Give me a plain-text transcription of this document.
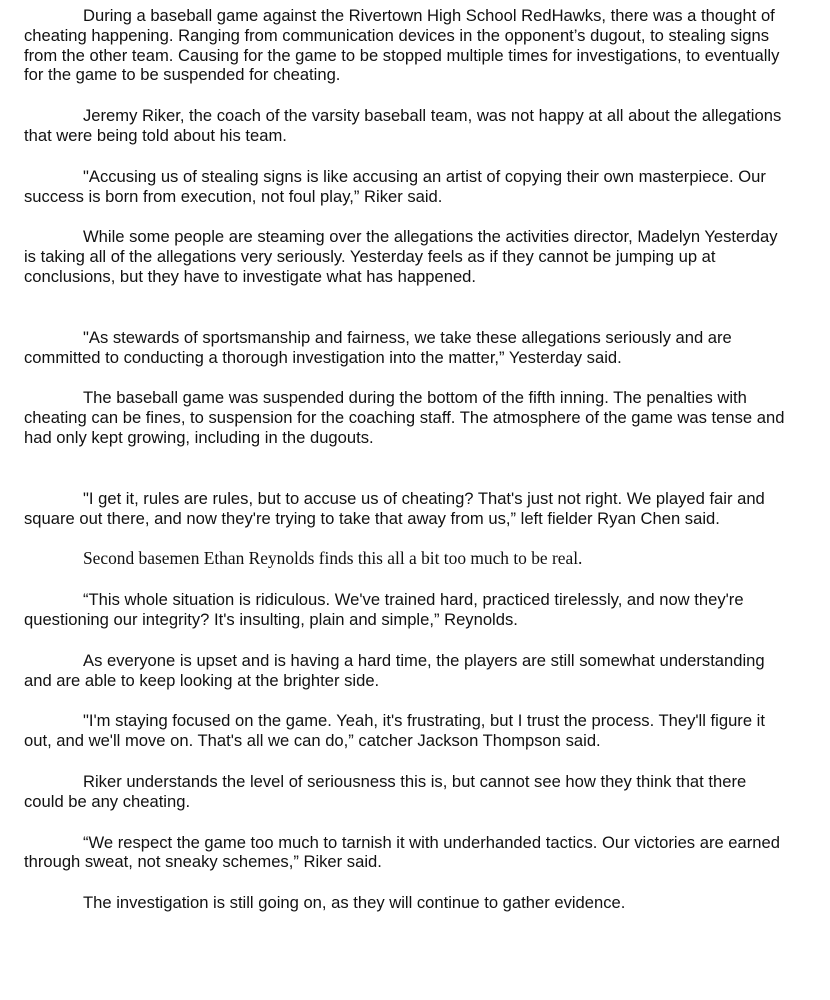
During a baseball game against the Rivertown High School RedHawks, there was a thought of cheating happening. Ranging from communication devices in the opponent’s dugout, to stealing signs from the other team. Causing for the game to be stopped multiple times for investigations, to eventually for the game to be suspended for cheating.

Jeremy Riker, the coach of the varsity baseball team, was not happy at all about the allegations that were being told about his team.

"Accusing us of stealing signs is like accusing an artist of copying their own masterpiece. Our success is born from execution, not foul play,” Riker said.

While some people are steaming over the allegations the activities director, Madelyn Yesterday is taking all of the allegations very seriously. Yesterday feels as if they cannot be jumping up at conclusions, but they have to investigate what has happened.

"As stewards of sportsmanship and fairness, we take these allegations seriously and are committed to conducting a thorough investigation into the matter,” Yesterday said.

The baseball game was suspended during the bottom of the fifth inning. The penalties with cheating can be fines, to suspension for the coaching staff. The atmosphere of the game was tense and had only kept growing, including in the dugouts.

"I get it, rules are rules, but to accuse us of cheating? That's just not right. We played fair and square out there, and now they're trying to take that away from us,” left fielder Ryan Chen said.

Second basemen Ethan Reynolds finds this all a bit too much to be real.

“This whole situation is ridiculous. We've trained hard, practiced tirelessly, and now they're questioning our integrity? It's insulting, plain and simple,” Reynolds.

As everyone is upset and is having a hard time, the players are still somewhat understanding and are able to keep looking at the brighter side.

"I'm staying focused on the game. Yeah, it's frustrating, but I trust the process. They'll figure it out, and we'll move on. That's all we can do,” catcher Jackson Thompson said.

Riker understands the level of seriousness this is, but cannot see how they think that there could be any cheating.

“We respect the game too much to tarnish it with underhanded tactics. Our victories are earned through sweat, not sneaky schemes,” Riker said.

The investigation is still going on, as they will continue to gather evidence.
